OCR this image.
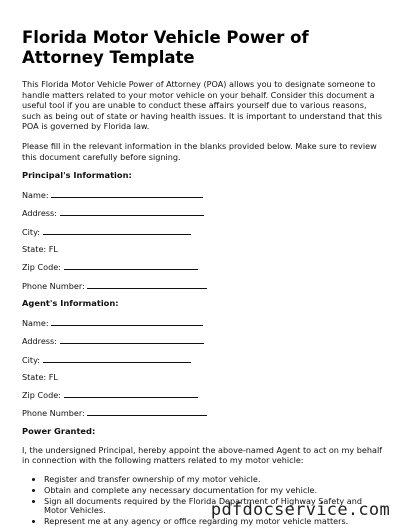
Florida Motor Vehicle Power of Attorney Template

This Florida Motor Vehicle Power of Attorney (POA) allows you to designate someone to handle matters related to your motor vehicle on your behalf. Consider this document a useful tool if you are unable to conduct these affairs yourself due to various reasons, such as being out of state or having health issues. It is important to understand that this POA is governed by Florida law.

Please fill in the relevant information in the blanks provided below. Make sure to review this document carefully before signing.

Principal's Information:
Name:
Address:
City:
State: FL
Zip Code:
Phone Number:
Agent's Information:
Name:
Address:
City:
State: FL
Zip Code:
Phone Number:
Power Granted:

I, the undersigned Principal, hereby appoint the above-named Agent to act on my behalf in connection with the following matters related to my motor vehicle:

• Register and transfer ownership of my motor vehicle.
• Obtain and complete any necessary documentation for my vehicle.
• Sign all documents required by the Florida Department of Highway Safety and Motor Vehicles.
• Represent me at any agency or office regarding my motor vehicle matters.
pdfdocservice.com
